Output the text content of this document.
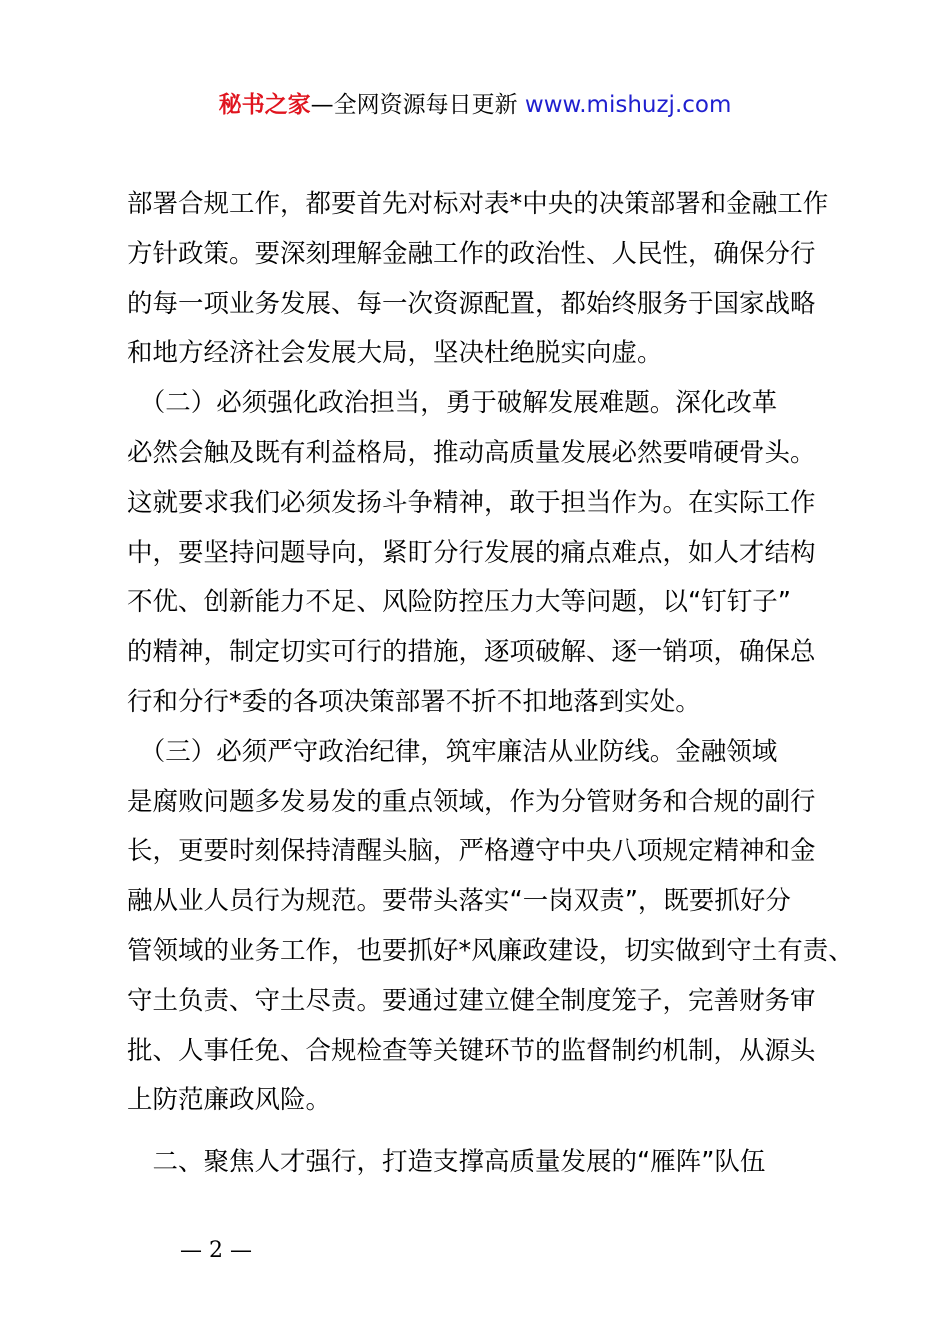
秘书之家—全网资源每日更新 www.mishuzj.com
部署合规工作，都要首先对标对表*中央的决策部署和金融工作
方针政策。要深刻理解金融工作的政治性、人民性，确保分行
的每一项业务发展、每一次资源配置，都始终服务于国家战略
和地方经济社会发展大局，坚决杜绝脱实向虚。
　（二）必须强化政治担当，勇于破解发展难题。深化改革
必然会触及既有利益格局，推动高质量发展必然要啃硬骨头。
这就要求我们必须发扬斗争精神，敢于担当作为。在实际工作
中，要坚持问题导向，紧盯分行发展的痛点难点，如人才结构
不优、创新能力不足、风险防控压力大等问题，以“钉钉子”
的精神，制定切实可行的措施，逐项破解、逐一销项，确保总
行和分行*委的各项决策部署不折不扣地落到实处。
　（三）必须严守政治纪律，筑牢廉洁从业防线。金融领域
是腐败问题多发易发的重点领域，作为分管财务和合规的副行
长，更要时刻保持清醒头脑，严格遵守中央八项规定精神和金
融从业人员行为规范。要带头落实“一岗双责”，既要抓好分
管领域的业务工作，也要抓好*风廉政建设，切实做到守土有责、
守土负责、守土尽责。要通过建立健全制度笼子，完善财务审
批、人事任免、合规检查等关键环节的监督制约机制，从源头
上防范廉政风险。
　二、聚焦人才强行，打造支撑高质量发展的“雁阵”队伍
— 2 —
